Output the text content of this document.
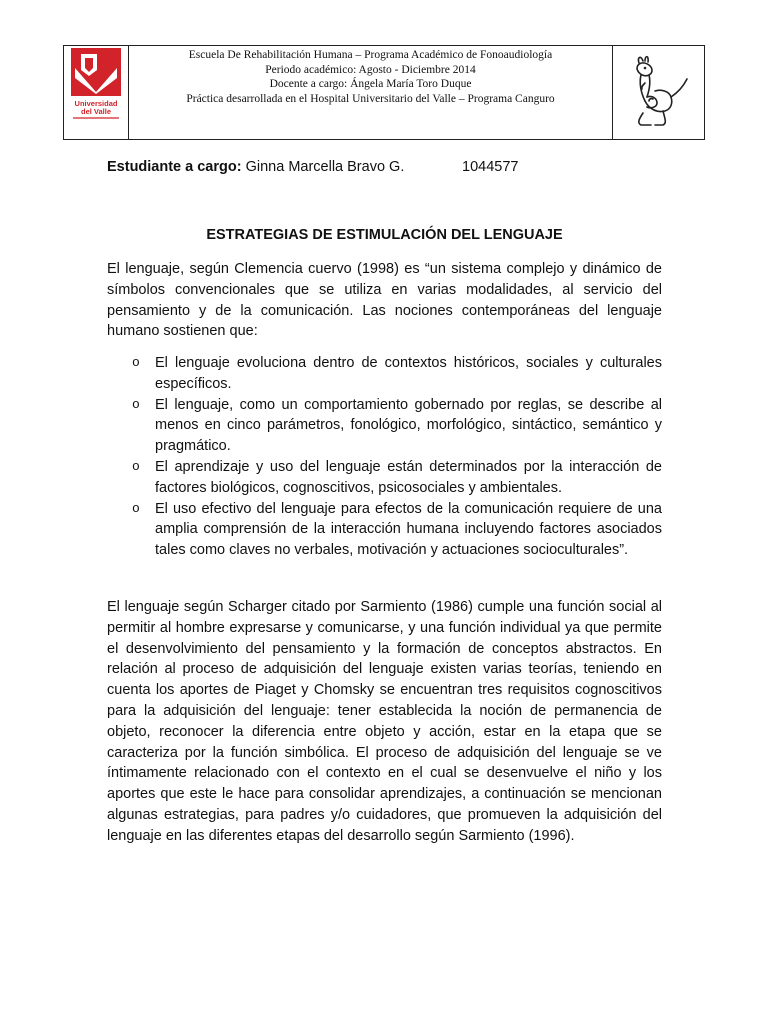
Universidad
del Valle
Escuela De Rehabilitación Humana – Programa Académico de Fonoaudiología
Periodo académico: Agosto - Diciembre 2014
Docente a cargo: Ángela María Toro Duque
Práctica desarrollada en el Hospital Universitario del Valle – Programa Canguro
Estudiante a cargo: Ginna Marcella Bravo G.	1044577
ESTRATEGIAS DE ESTIMULACIÓN DEL LENGUAJE

El lenguaje, según Clemencia cuervo (1998) es “un sistema complejo y dinámico de símbolos convencionales que se utiliza en varias modalidades, al servicio del pensamiento y de la comunicación. Las nociones contemporáneas del lenguaje humano sostienen que:

o El lenguaje evoluciona dentro de contextos históricos, sociales y culturales específicos.
o El lenguaje, como un comportamiento gobernado por reglas, se describe al menos en cinco parámetros, fonológico, morfológico, sintáctico, semántico y pragmático.
o El aprendizaje y uso del lenguaje están determinados por la interacción de factores biológicos, cognoscitivos, psicosociales y ambientales.
o El uso efectivo del lenguaje para efectos de la comunicación requiere de una amplia comprensión de la interacción humana incluyendo factores asociados tales como claves no verbales, motivación y actuaciones socioculturales”.

El lenguaje según Scharger citado por Sarmiento (1986) cumple una función social al permitir al hombre expresarse y comunicarse, y una función individual ya que permite el desenvolvimiento del pensamiento y la formación de conceptos abstractos. En relación al proceso de adquisición del lenguaje existen varias teorías, teniendo en cuenta los aportes de Piaget y Chomsky se encuentran tres requisitos cognoscitivos para la adquisición del lenguaje: tener establecida la noción de permanencia de objeto, reconocer la diferencia entre objeto y acción, estar en la etapa que se caracteriza por la función simbólica. El proceso de adquisición del lenguaje se ve íntimamente relacionado con el contexto en el cual se desenvuelve el niño y los aportes que este le hace para consolidar aprendizajes, a continuación se mencionan algunas estrategias, para padres y/o cuidadores, que promueven la adquisición del lenguaje en las diferentes etapas del desarrollo según Sarmiento (1996).
